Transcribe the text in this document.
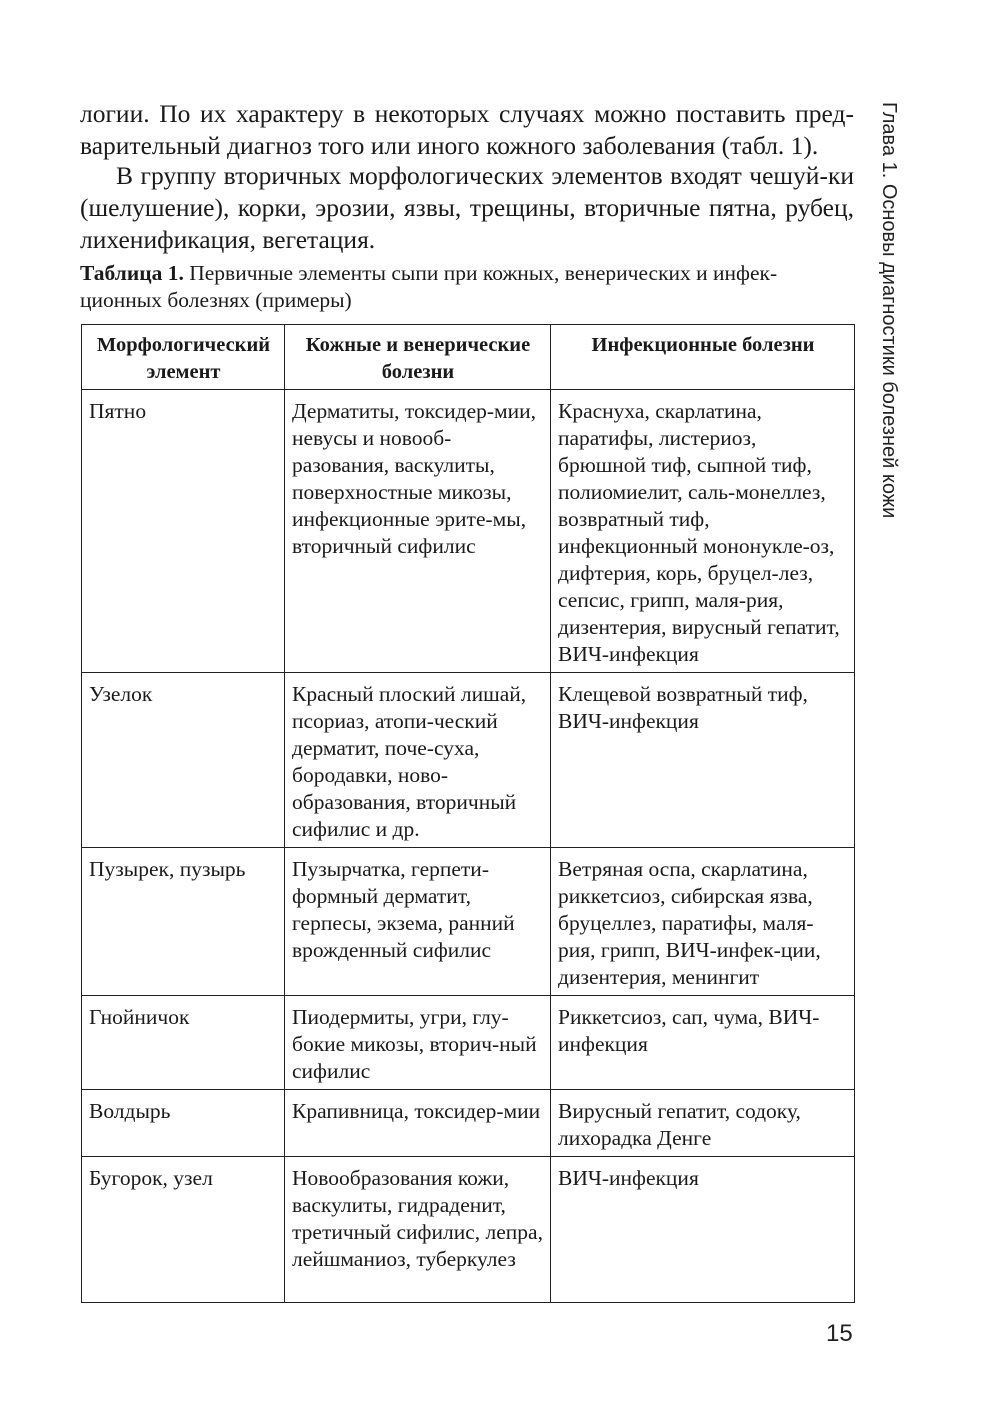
логии. По их характеру в некоторых случаях можно поставить пред-варительный диагноз того или иного кожного заболевания (табл. 1).

В группу вторичных морфологических элементов входят чешуй-ки (шелушение), корки, эрозии, язвы, трещины, вторичные пятна, рубец, лихенификация, вегетация.

Таблица 1. Первичные элементы сыпи при кожных, венерических и инфек-ционных болезнях (примеры)

Морфологический элемент	Кожные и венерические болезни	Инфекционные болезни
Пятно	Дерматиты, токсидер-мии, невусы и новооб-разования, васкулиты, поверхностные микозы, инфекционные эрите-мы, вторичный сифилис	Краснуха, скарлатина, паратифы, листериоз, брюшной тиф, сыпной тиф, полиомиелит, саль-монеллез, возвратный тиф, инфекционный мононукле-оз, дифтерия, корь, бруцел-лез, сепсис, грипп, маля-рия, дизентерия, вирусный гепатит, ВИЧ-инфекция
Узелок	Красный плоский лишай, псориаз, атопи-ческий дерматит, поче-суха, бородавки, ново-образования, вторичный сифилис и др.	Клещевой возвратный тиф, ВИЧ-инфекция
Пузырек, пузырь	Пузырчатка, герпети-формный дерматит, герпесы, экзема, ранний врожденный сифилис	Ветряная оспа, скарлатина, риккетсиоз, сибирская язва, бруцеллез, паратифы, маля-рия, грипп, ВИЧ-инфек-ции, дизентерия, менингит
Гнойничок	Пиодермиты, угри, глу-бокие микозы, вторич-ный сифилис	Риккетсиоз, сап, чума, ВИЧ-инфекция
Волдырь	Крапивница, токсидер-мии	Вирусный гепатит, содоку, лихорадка Денге
Бугорок, узел	Новообразования кожи, васкулиты, гидраденит, третичный сифилис, лепра, лейшманиоз, туберкулез	ВИЧ-инфекция
Глава 1. Основы диагностики болезней кожи
15
